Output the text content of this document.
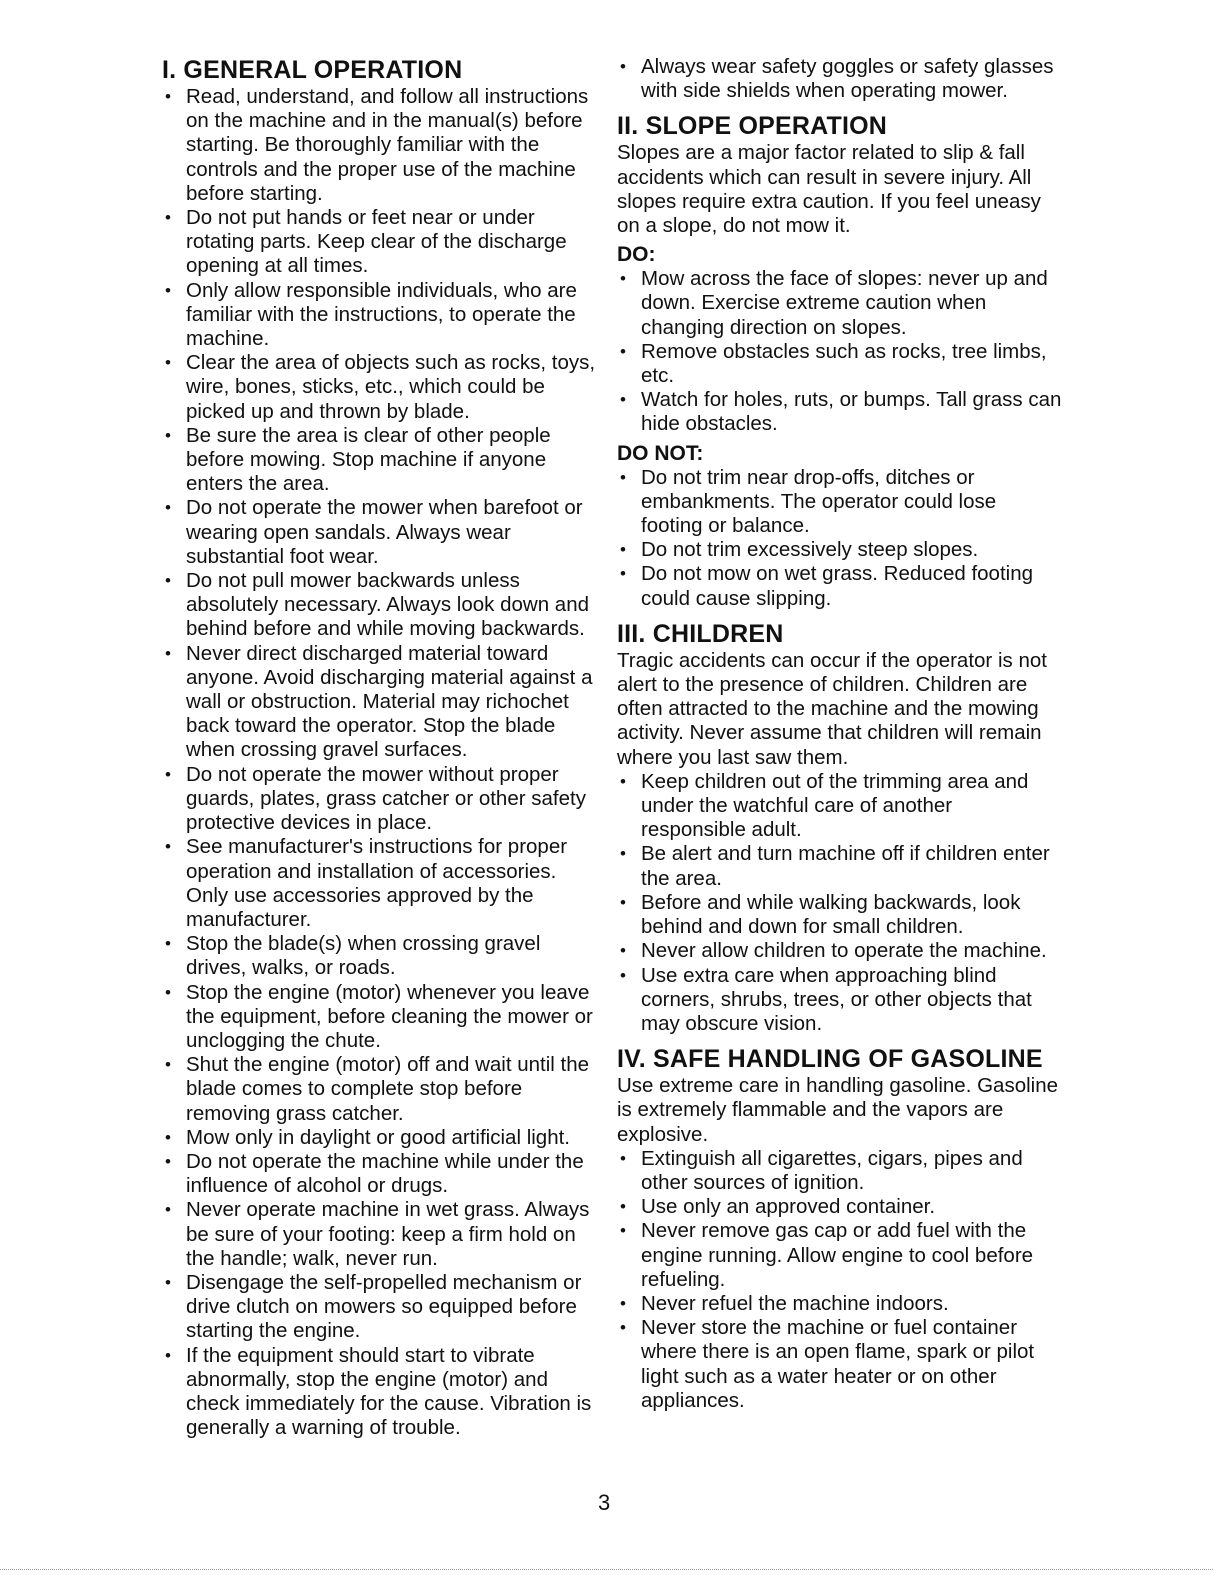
I. GENERAL OPERATION
• Read, understand, and follow all instructions on the machine and in the manual(s) before starting. Be thoroughly familiar with the controls and the proper use of the machine before starting.
• Do not put hands or feet near or under rotating parts. Keep clear of the discharge opening at all times.
• Only allow responsible individuals, who are familiar with the instructions, to operate the machine.
• Clear the area of objects such as rocks, toys, wire, bones, sticks, etc., which could be picked up and thrown by blade.
• Be sure the area is clear of other people before mowing. Stop machine if anyone enters the area.
• Do not operate the mower when barefoot or wearing open sandals. Always wear substantial foot wear.
• Do not pull mower backwards unless absolutely necessary. Always look down and behind before and while moving backwards.
• Never direct discharged material toward anyone. Avoid discharging material against a wall or obstruction. Material may richochet back toward the operator. Stop the blade when crossing gravel surfaces.
• Do not operate the mower without proper guards, plates, grass catcher or other safety protective devices in place.
• See manufacturer's instructions for proper operation and installation of accessories. Only use accessories approved by the manufacturer.
• Stop the blade(s) when crossing gravel drives, walks, or roads.
• Stop the engine (motor) whenever you leave the equipment, before cleaning the mower or unclogging the chute.
• Shut the engine (motor) off and wait until the blade comes to complete stop before removing grass catcher.
• Mow only in daylight or good artificial light.
• Do not operate the machine while under the influence of alcohol or drugs.
• Never operate machine in wet grass. Always be sure of your footing: keep a firm hold on the handle; walk, never run.
• Disengage the self-propelled mechanism or drive clutch on mowers so equipped before starting the engine.
• If the equipment should start to vibrate abnormally, stop the engine (motor) and check immediately for the cause. Vibration is generally a warning of trouble.
• Always wear safety goggles or safety glasses with side shields when operating mower.
II. SLOPE OPERATION

Slopes are a major factor related to slip & fall accidents which can result in severe injury. All slopes require extra caution. If you feel uneasy on a slope, do not mow it.

DO:
• Mow across the face of slopes: never up and down. Exercise extreme caution when changing direction on slopes.
• Remove obstacles such as rocks, tree limbs, etc.
• Watch for holes, ruts, or bumps. Tall grass can hide obstacles.
DO NOT:
• Do not trim near drop-offs, ditches or embankments. The operator could lose footing or balance.
• Do not trim excessively steep slopes.
• Do not mow on wet grass. Reduced footing could cause slipping.
III. CHILDREN

Tragic accidents can occur if the operator is not alert to the presence of children. Children are often attracted to the machine and the mowing activity. Never assume that children will remain where you last saw them.

• Keep children out of the trimming area and under the watchful care of another responsible adult.
• Be alert and turn machine off if children enter the area.
• Before and while walking backwards, look behind and down for small children.
• Never allow children to operate the machine.
• Use extra care when approaching blind corners, shrubs, trees, or other objects that may obscure vision.
IV. SAFE HANDLING OF GASOLINE

Use extreme care in handling gasoline. Gasoline is extremely flammable and the vapors are explosive.

• Extinguish all cigarettes, cigars, pipes and other sources of ignition.
• Use only an approved container.
• Never remove gas cap or add fuel with the engine running. Allow engine to cool before refueling.
• Never refuel the machine indoors.
• Never store the machine or fuel container where there is an open flame, spark or pilot light such as a water heater or on other appliances.
3
